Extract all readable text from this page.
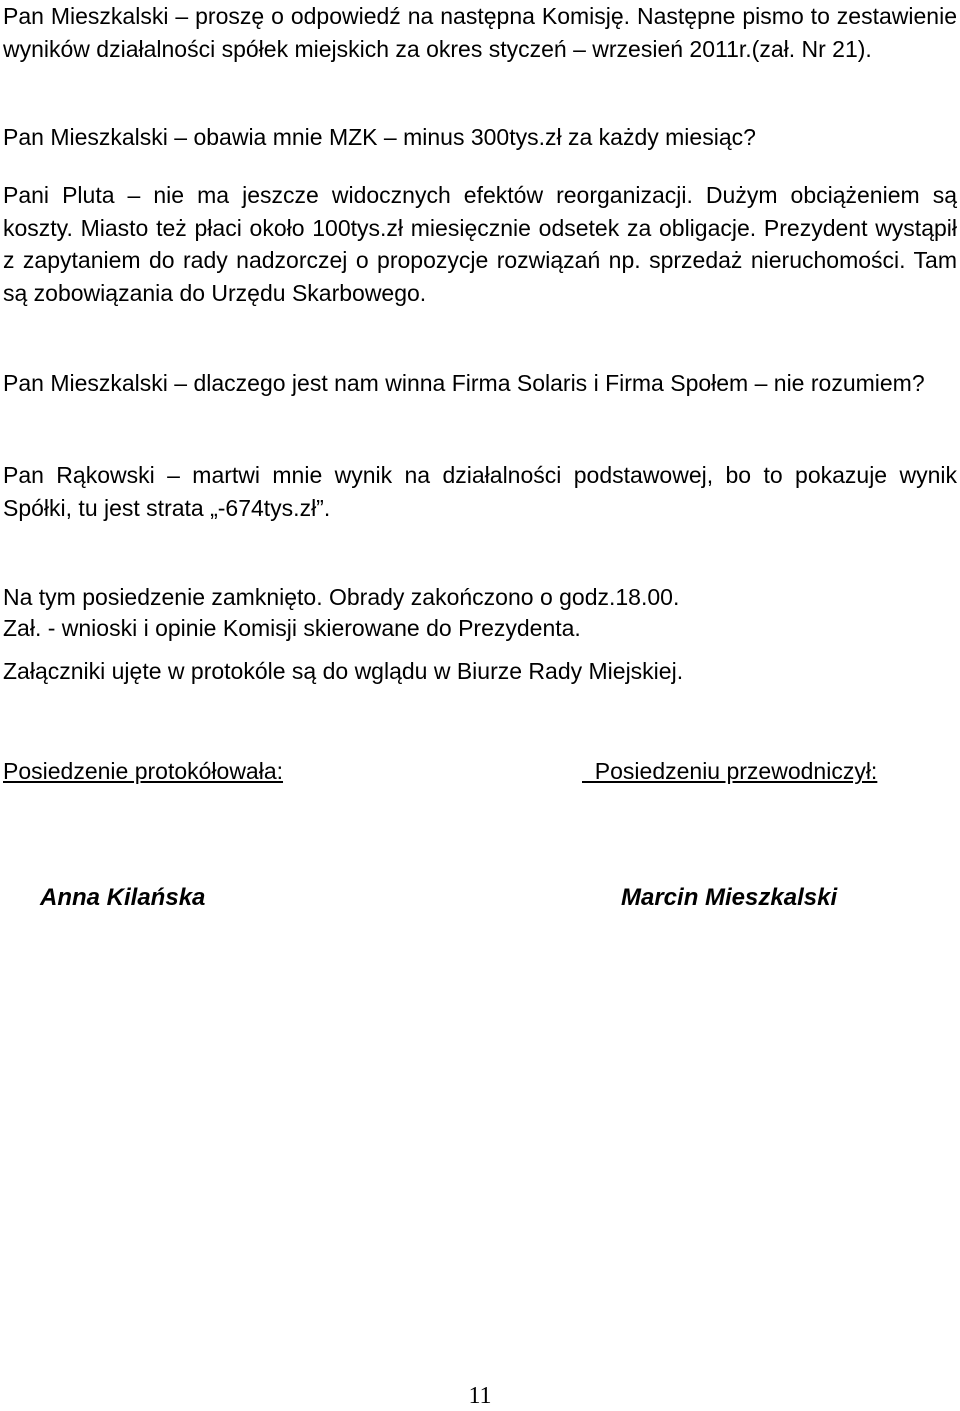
Pan Mieszkalski – proszę o odpowiedź na następna Komisję. Następne pismo to zestawienie wyników działalności spółek miejskich za okres styczeń – wrzesień 2011r.(zał. Nr 21).

Pan Mieszkalski – obawia mnie MZK – minus 300tys.zł za każdy miesiąc?

Pani Pluta – nie ma jeszcze widocznych efektów reorganizacji. Dużym obciążeniem są koszty. Miasto też płaci około 100tys.zł miesięcznie odsetek za obligacje. Prezydent wystąpił z zapytaniem do rady nadzorczej o propozycje rozwiązań np. sprzedaż nieruchomości. Tam są zobowiązania do Urzędu Skarbowego.

Pan Mieszkalski – dlaczego jest nam winna Firma Solaris i Firma Społem – nie rozumiem?

Pan Rąkowski – martwi mnie wynik na działalności podstawowej, bo to pokazuje wynik Spółki, tu jest strata „-674tys.zł”.

Na tym posiedzenie zamknięto. Obrady zakończono o godz.18.00.

Zał. - wnioski i opinie Komisji skierowane do Prezydenta.

Załączniki ujęte w protokóle są do wglądu w Biurze Rady Miejskiej.

Posiedzenie protokółowała:	Posiedzeniu przewodniczył:

Anna Kilańska	Marcin Mieszkalski

11
